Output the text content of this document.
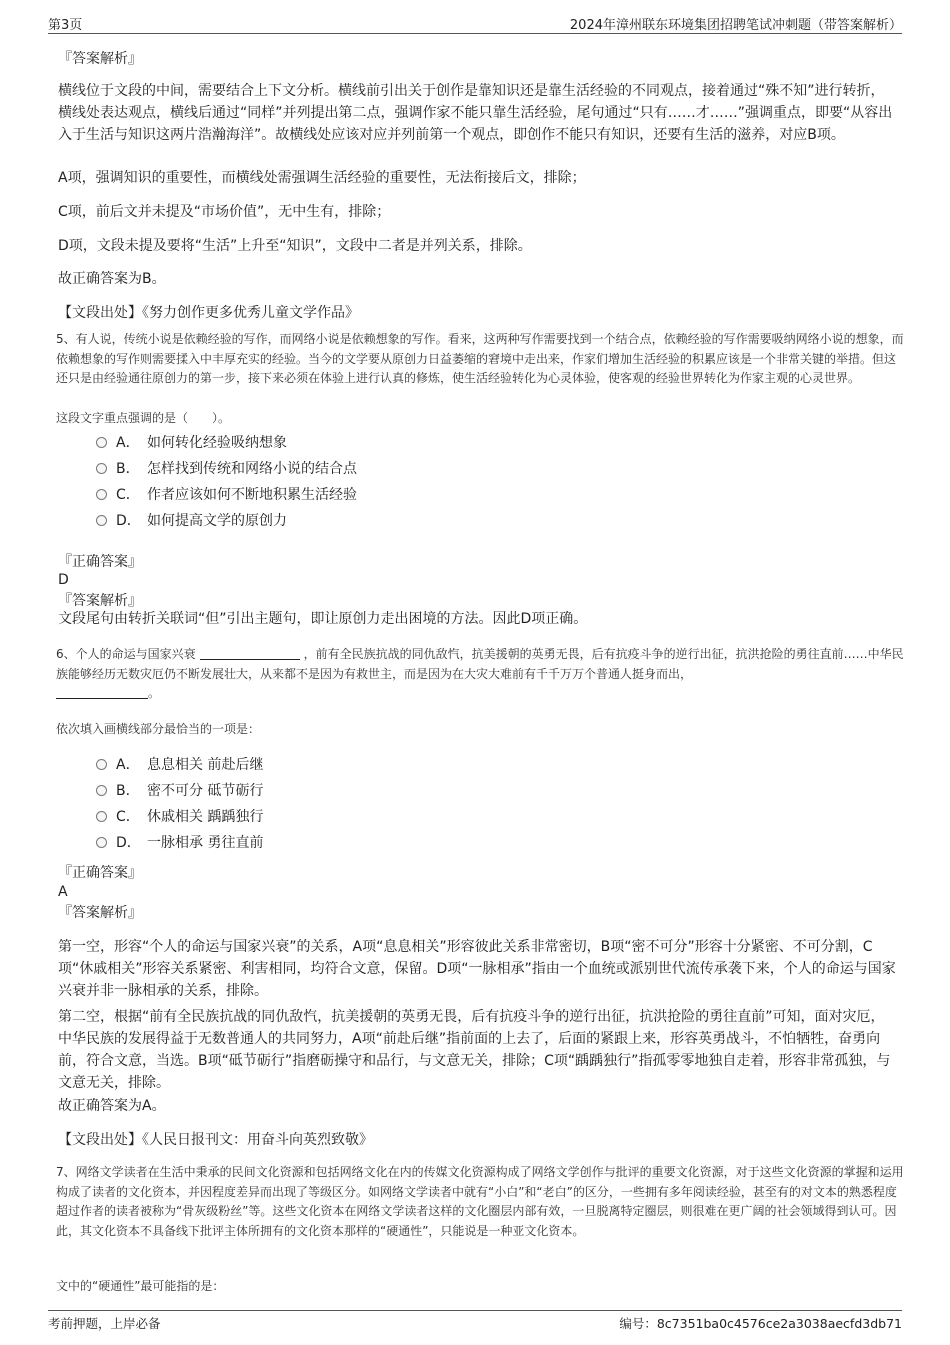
第3页	2024年漳州联东环境集团招聘笔试冲刺题（带答案解析）
『答案解析』
横线位于文段的中间，需要结合上下文分析。横线前引出关于创作是靠知识还是靠生活经验的不同观点，接着通过“殊不知”进行转折，横线处表达观点，横线后通过“同样”并列提出第二点，强调作家不能只靠生活经验，尾句通过“只有……才……”强调重点，即要“从容出入于生活与知识这两片浩瀚海洋”。故横线处应该对应并列前第一个观点，即创作不能只有知识，还要有生活的滋养，对应B项。
A项，强调知识的重要性，而横线处需强调生活经验的重要性，无法衔接后文，排除；
C项，前后文并未提及“市场价值”，无中生有，排除；
D项，文段未提及要将“生活”上升至“知识”，文段中二者是并列关系，排除。
故正确答案为B。
【文段出处】《努力创作更多优秀儿童文学作品》
5、有人说，传统小说是依赖经验的写作，而网络小说是依赖想象的写作。看来，这两种写作需要找到一个结合点，依赖经验的写作需要吸纳网络小说的想象，而依赖想象的写作则需要揉入中丰厚充实的经验。当今的文学要从原创力日益萎缩的窘境中走出来，作家们增加生活经验的积累应该是一个非常关键的举措。但这还只是由经验通往原创力的第一步，接下来必须在体验上进行认真的修炼，使生活经验转化为心灵体验，使客观的经验世界转化为作家主观的心灵世界。
这段文字重点强调的是（　　）。
A． 如何转化经验吸纳想象
B． 怎样找到传统和网络小说的结合点
C． 作者应该如何不断地积累生活经验
D． 如何提高文学的原创力
『正确答案』
D
『答案解析』
文段尾句由转折关联词“但”引出主题句，即让原创力走出困境的方法。因此D项正确。
6、个人的命运与国家兴衰	，前有全民族抗战的同仇敌忾，抗美援朝的英勇无畏，后有抗疫斗争的逆行出征，抗洪抢险的勇往直前……中华民族能够经历无数灾厄仍不断发展壮大，从来都不是因为有救世主，而是因为在大灾大难前有千千万万个普通人挺身而出，
。
依次填入画横线部分最恰当的一项是：
A． 息息相关 前赴后继
B． 密不可分 砥节砺行
C． 休戚相关 踽踽独行
D． 一脉相承 勇往直前
『正确答案』
A
『答案解析』
第一空，形容“个人的命运与国家兴衰”的关系，A项“息息相关”形容彼此关系非常密切，B项“密不可分”形容十分紧密、不可分割，C项“休戚相关”形容关系紧密、利害相同，均符合文意，保留。D项“一脉相承”指由一个血统或派别世代流传承袭下来，个人的命运与国家兴衰并非一脉相承的关系，排除。
第二空，根据“前有全民族抗战的同仇敌忾，抗美援朝的英勇无畏，后有抗疫斗争的逆行出征，抗洪抢险的勇往直前”可知，面对灾厄，中华民族的发展得益于无数普通人的共同努力，A项“前赴后继”指前面的上去了，后面的紧跟上来，形容英勇战斗，不怕牺牲，奋勇向前，符合文意，当选。B项“砥节砺行”指磨砺操守和品行，与文意无关，排除；C项“踽踽独行”指孤零零地独自走着，形容非常孤独，与文意无关，排除。
故正确答案为A。
【文段出处】《人民日报刊文：用奋斗向英烈致敬》
7、网络文学读者在生活中秉承的民间文化资源和包括网络文化在内的传媒文化资源构成了网络文学创作与批评的重要文化资源，对于这些文化资源的掌握和运用构成了读者的文化资本，并因程度差异而出现了等级区分。如网络文学读者中就有“小白”和“老白”的区分，一些拥有多年阅读经验，甚至有的对文本的熟悉程度超过作者的读者被称为“骨灰级粉丝”等。这些文化资本在网络文学读者这样的文化圈层内部有效，一旦脱离特定圈层，则很难在更广阔的社会领域得到认可。因此，其文化资本不具备线下批评主体所拥有的文化资本那样的“硬通性”，只能说是一种亚文化资本。
文中的“硬通性”最可能指的是：
考前押题，上岸必备	编号：8c7351ba0c4576ce2a3038aecfd3db71
